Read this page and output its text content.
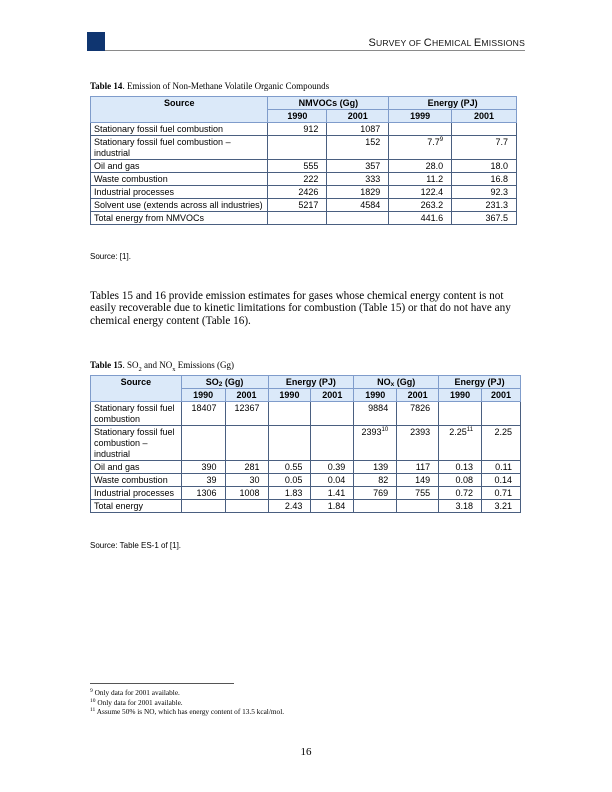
SURVEY OF CHEMICAL EMISSIONS
Table 14. Emission of Non-Methane Volatile Organic Compounds
Source	NMVOCs (Gg)		Energy (PJ)	
	1990	2001	1999	2001
Stationary fossil fuel combustion	912	1087		
Stationary fossil fuel combustion – industrial		152	$7.7^9$	7.7
Oil and gas	555	357	28.0	18.0
Waste combustion	222	333	11.2	16.8
Industrial processes	2426	1829	122.4	92.3
Solvent use (extends across all industries)	5217	4584	263.2	231.3
Total energy from NMVOCs			441.6	367.5
Source: [1].
Tables 15 and 16 provide emission estimates for gases whose chemical energy content is not easily recoverable due to kinetic limitations for combustion (Table 15) or that do not have any chemical energy content (Table 16).
Table 15. $SO_2$ and $NO_x$ Emissions (Gg)
Source	$SO_2$ (Gg)		Energy (PJ)		$NO_x$ (Gg)		Energy (PJ)	
	1990	2001	1990	2001	1990	2001	1990	2001
Stationary fossil fuel combustion	18407	12367			9884	7826		
Stationary fossil fuel combustion – industrial					2393$^{10}$	2393	2.25$^{11}$	2.25
Oil and gas	390	281	0.55	0.39	139	117	0.13	0.11
Waste combustion	39	30	0.05	0.04	82	149	0.08	0.14
Industrial processes	1306	1008	1.83	1.41	769	755	0.72	0.71
Total energy			2.43	1.84			3.18	3.21
Source: Table ES-1 of [1].
$^9$ Only data for 2001 available.
$^{10}$ Only data for 2001 available.
$^{11}$ Assume 50% is NO, which has energy content of 13.5 kcal/mol.
16
